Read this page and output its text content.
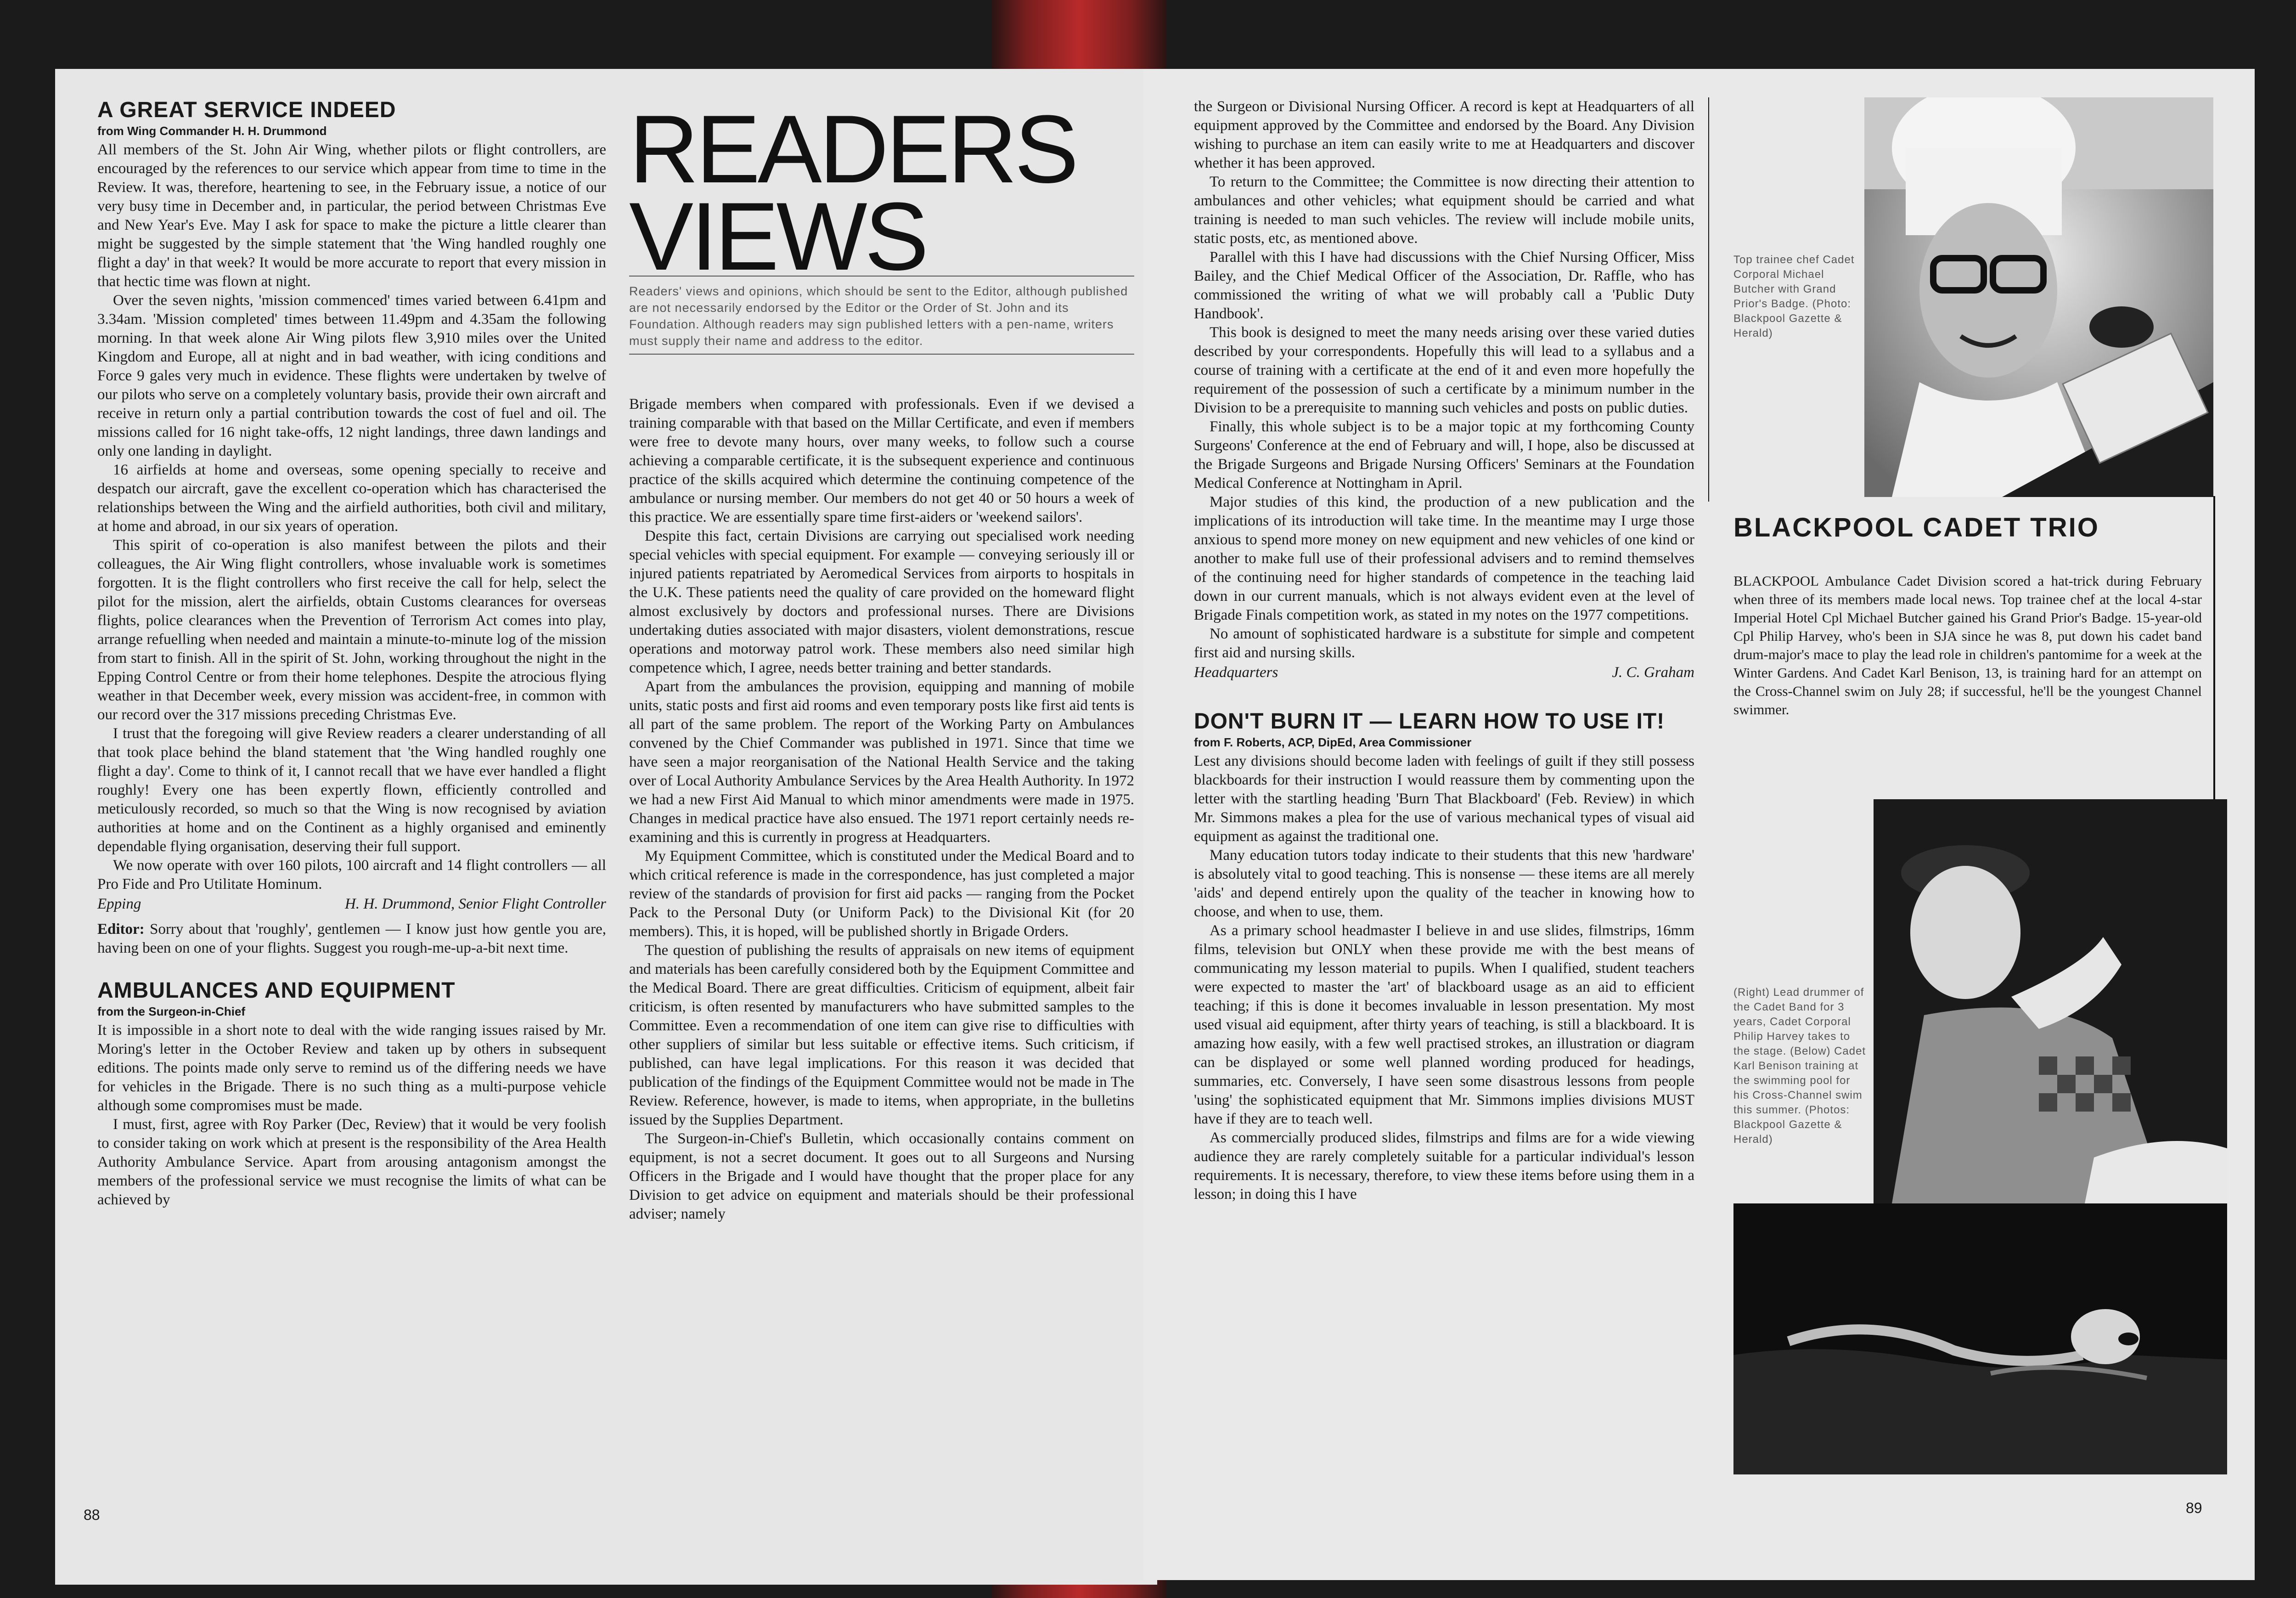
A GREAT SERVICE INDEED
from Wing Commander H. H. Drummond

All members of the St. John Air Wing, whether pilots or flight controllers, are encouraged by the references to our service which appear from time to time in the Review. It was, therefore, heartening to see, in the February issue, a notice of our very busy time in December and, in particular, the period between Christmas Eve and New Year's Eve. May I ask for space to make the picture a little clearer than might be suggested by the simple statement that 'the Wing handled roughly one flight a day' in that week? It would be more accurate to report that every mission in that hectic time was flown at night.

Over the seven nights, 'mission commenced' times varied between 6.41pm and 3.34am. 'Mission completed' times between 11.49pm and 4.35am the following morning. In that week alone Air Wing pilots flew 3,910 miles over the United Kingdom and Europe, all at night and in bad weather, with icing conditions and Force 9 gales very much in evidence. These flights were undertaken by twelve of our pilots who serve on a completely voluntary basis, provide their own aircraft and receive in return only a partial contribution towards the cost of fuel and oil. The missions called for 16 night take-offs, 12 night landings, three dawn landings and only one landing in daylight.

16 airfields at home and overseas, some opening specially to receive and despatch our aircraft, gave the excellent co-operation which has characterised the relationships between the Wing and the airfield authorities, both civil and military, at home and abroad, in our six years of operation.

This spirit of co-operation is also manifest between the pilots and their colleagues, the Air Wing flight controllers, whose invaluable work is sometimes forgotten. It is the flight controllers who first receive the call for help, select the pilot for the mission, alert the airfields, obtain Customs clearances for overseas flights, police clearances when the Prevention of Terrorism Act comes into play, arrange refuelling when needed and maintain a minute-to-minute log of the mission from start to finish. All in the spirit of St. John, working throughout the night in the Epping Control Centre or from their home telephones. Despite the atrocious flying weather in that December week, every mission was accident-free, in common with our record over the 317 missions preceding Christmas Eve.

I trust that the foregoing will give Review readers a clearer understanding of all that took place behind the bland statement that 'the Wing handled roughly one flight a day'. Come to think of it, I cannot recall that we have ever handled a flight roughly! Every one has been expertly flown, efficiently controlled and meticulously recorded, so much so that the Wing is now recognised by aviation authorities at home and on the Continent as a highly organised and eminently dependable flying organisation, deserving their full support.

We now operate with over 160 pilots, 100 aircraft and 14 flight controllers — all Pro Fide and Pro Utilitate Hominum.

Epping	H. H. Drummond, Senior Flight Controller

Editor: Sorry about that 'roughly', gentlemen — I know just how gentle you are, having been on one of your flights. Suggest you rough-me-up-a-bit next time.

AMBULANCES AND EQUIPMENT
from the Surgeon-in-Chief

It is impossible in a short note to deal with the wide ranging issues raised by Mr. Moring's letter in the October Review and taken up by others in subsequent editions. The points made only serve to remind us of the differing needs we have for vehicles in the Brigade. There is no such thing as a multi-purpose vehicle although some compromises must be made.

I must, first, agree with Roy Parker (Dec, Review) that it would be very foolish to consider taking on work which at present is the responsibility of the Area Health Authority Ambulance Service. Apart from arousing antagonism amongst the members of the professional service we must recognise the limits of what can be achieved by

READERS
VIEWS
Readers' views and opinions, which should be sent to the Editor, although published are not necessarily endorsed by the Editor or the Order of St. John and its Foundation. Although readers may sign published letters with a pen-name, writers must supply their name and address to the editor.

Brigade members when compared with professionals. Even if we devised a training comparable with that based on the Millar Certificate, and even if members were free to devote many hours, over many weeks, to follow such a course achieving a comparable certificate, it is the subsequent experience and continuous practice of the skills acquired which determine the continuing competence of the ambulance or nursing member. Our members do not get 40 or 50 hours a week of this practice. We are essentially spare time first-aiders or 'weekend sailors'.

Despite this fact, certain Divisions are carrying out specialised work needing special vehicles with special equipment. For example — conveying seriously ill or injured patients repatriated by Aeromedical Services from airports to hospitals in the U.K. These patients need the quality of care provided on the homeward flight almost exclusively by doctors and professional nurses. There are Divisions undertaking duties associated with major disasters, violent demonstrations, rescue operations and motorway patrol work. These members also need similar high competence which, I agree, needs better training and better standards.

Apart from the ambulances the provision, equipping and manning of mobile units, static posts and first aid rooms and even temporary posts like first aid tents is all part of the same problem. The report of the Working Party on Ambulances convened by the Chief Commander was published in 1971. Since that time we have seen a major reorganisation of the National Health Service and the taking over of Local Authority Ambulance Services by the Area Health Authority. In 1972 we had a new First Aid Manual to which minor amendments were made in 1975. Changes in medical practice have also ensued. The 1971 report certainly needs re-examining and this is currently in progress at Headquarters.

My Equipment Committee, which is constituted under the Medical Board and to which critical reference is made in the correspondence, has just completed a major review of the standards of provision for first aid packs — ranging from the Pocket Pack to the Personal Duty (or Uniform Pack) to the Divisional Kit (for 20 members). This, it is hoped, will be published shortly in Brigade Orders.

The question of publishing the results of appraisals on new items of equipment and materials has been carefully considered both by the Equipment Committee and the Medical Board. There are great difficulties. Criticism of equipment, albeit fair criticism, is often resented by manufacturers who have submitted samples to the Committee. Even a recommendation of one item can give rise to difficulties with other suppliers of similar but less suitable or effective items. Such criticism, if published, can have legal implications. For this reason it was decided that publication of the findings of the Equipment Committee would not be made in The Review. Reference, however, is made to items, when appropriate, in the bulletins issued by the Supplies Department.

The Surgeon-in-Chief's Bulletin, which occasionally contains comment on equipment, is not a secret document. It goes out to all Surgeons and Nursing Officers in the Brigade and I would have thought that the proper place for any Division to get advice on equipment and materials should be their professional adviser; namely

88

the Surgeon or Divisional Nursing Officer. A record is kept at Headquarters of all equipment approved by the Committee and endorsed by the Board. Any Division wishing to purchase an item can easily write to me at Headquarters and discover whether it has been approved.

To return to the Committee; the Committee is now directing their attention to ambulances and other vehicles; what equipment should be carried and what training is needed to man such vehicles. The review will include mobile units, static posts, etc, as mentioned above.

Parallel with this I have had discussions with the Chief Nursing Officer, Miss Bailey, and the Chief Medical Officer of the Association, Dr. Raffle, who has commissioned the writing of what we will probably call a 'Public Duty Handbook'.

This book is designed to meet the many needs arising over these varied duties described by your correspondents. Hopefully this will lead to a syllabus and a course of training with a certificate at the end of it and even more hopefully the requirement of the possession of such a certificate by a minimum number in the Division to be a prerequisite to manning such vehicles and posts on public duties.

Finally, this whole subject is to be a major topic at my forthcoming County Surgeons' Conference at the end of February and will, I hope, also be discussed at the Brigade Surgeons and Brigade Nursing Officers' Seminars at the Foundation Medical Conference at Nottingham in April.

Major studies of this kind, the production of a new publication and the implications of its introduction will take time. In the meantime may I urge those anxious to spend more money on new equipment and new vehicles of one kind or another to make full use of their professional advisers and to remind themselves of the continuing need for higher standards of competence in the teaching laid down in our current manuals, which is not always evident even at the level of Brigade Finals competition work, as stated in my notes on the 1977 competitions.

No amount of sophisticated hardware is a substitute for simple and competent first aid and nursing skills.

Headquarters	J. C. Graham
DON'T BURN IT — LEARN HOW TO USE IT!
from F. Roberts, ACP, DipEd, Area Commissioner

Lest any divisions should become laden with feelings of guilt if they still possess blackboards for their instruction I would reassure them by commenting upon the letter with the startling heading 'Burn That Blackboard' (Feb. Review) in which Mr. Simmons makes a plea for the use of various mechanical types of visual aid equipment as against the traditional one.

Many education tutors today indicate to their students that this new 'hardware' is absolutely vital to good teaching. This is nonsense — these items are all merely 'aids' and depend entirely upon the quality of the teacher in knowing how to choose, and when to use, them.

As a primary school headmaster I believe in and use slides, filmstrips, 16mm films, television but ONLY when these provide me with the best means of communicating my lesson material to pupils. When I qualified, student teachers were expected to master the 'art' of blackboard usage as an aid to efficient teaching; if this is done it becomes invaluable in lesson presentation. My most used visual aid equipment, after thirty years of teaching, is still a blackboard. It is amazing how easily, with a few well practised strokes, an illustration or diagram can be displayed or some well planned wording produced for headings, summaries, etc. Conversely, I have seen some disastrous lessons from people 'using' the sophisticated equipment that Mr. Simmons implies divisions MUST have if they are to teach well.

As commercially produced slides, filmstrips and films are for a wide viewing audience they are rarely completely suitable for a particular individual's lesson requirements. It is necessary, therefore, to view these items before using them in a lesson; in doing this I have

Top trainee chef Cadet Corporal Michael Butcher with Grand Prior's Badge. (Photo: Blackpool Gazette & Herald)
BLACKPOOL CADET TRIO

BLACKPOOL Ambulance Cadet Division scored a hat-trick during February when three of its members made local news. Top trainee chef at the local 4-star Imperial Hotel Cpl Michael Butcher gained his Grand Prior's Badge. 15-year-old Cpl Philip Harvey, who's been in SJA since he was 8, put down his cadet band drum-major's mace to play the lead role in children's pantomime for a week at the Winter Gardens. And Cadet Karl Benison, 13, is training hard for an attempt on the Cross-Channel swim on July 28; if successful, he'll be the youngest Channel swimmer.

(Right) Lead drummer of the Cadet Band for 3 years, Cadet Corporal Philip Harvey takes to the stage. (Below) Cadet Karl Benison training at the swimming pool for his Cross-Channel swim this summer. (Photos: Blackpool Gazette & Herald)
89
